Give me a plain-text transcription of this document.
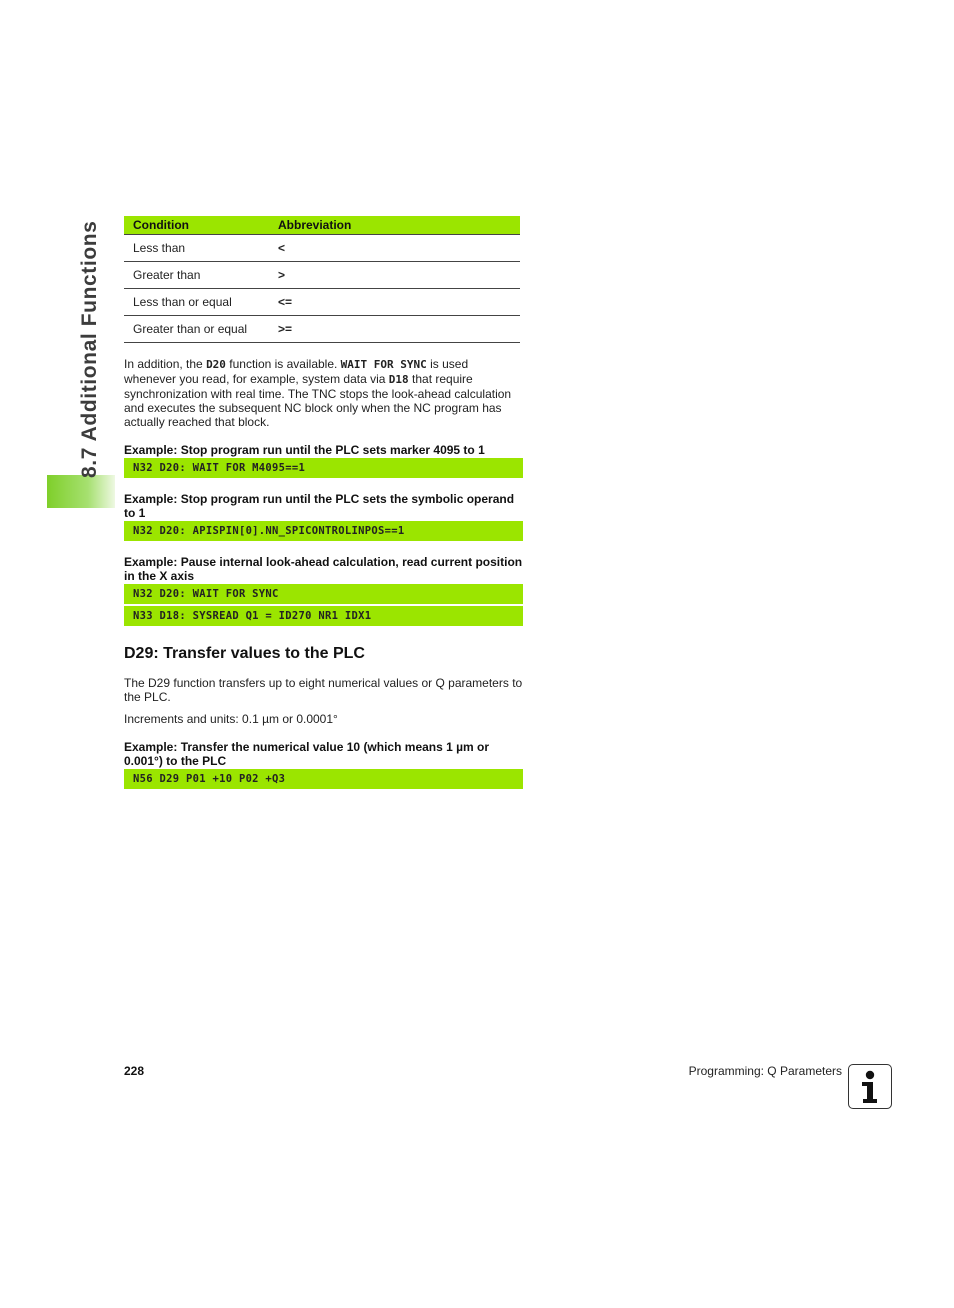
8.7 Additional Functions	Condition	Abbreviation
Less than	<
Greater than	>
Less than or equal	<=
Greater than or equal	>=

In addition, the D20 function is available. WAIT FOR SYNC is used whenever you read, for example, system data via D18 that require synchronization with real time. The TNC stops the look-ahead calculation and executes the subsequent NC block only when the NC program has actually reached that block.

Example: Stop program run until the PLC sets marker 4095 to 1

N32 D20: WAIT FOR M4095==1

Example: Stop program run until the PLC sets the symbolic operand to 1

N32 D20: APISPIN[0].NN_SPICONTROLINPOS==1

Example: Pause internal look-ahead calculation, read current position in the X axis

N32 D20: WAIT FOR SYNC
N33 D18: SYSREAD Q1 = ID270 NR1 IDX1
D29: Transfer values to the PLC

The D29 function transfers up to eight numerical values or Q parameters to the PLC.

Increments and units: 0.1 µm or 0.0001°

Example: Transfer the numerical value 10 (which means 1 µm or 0.001°) to the PLC

N56 D29 P01 +10 P02 +Q3
228	Programming: Q Parameters
